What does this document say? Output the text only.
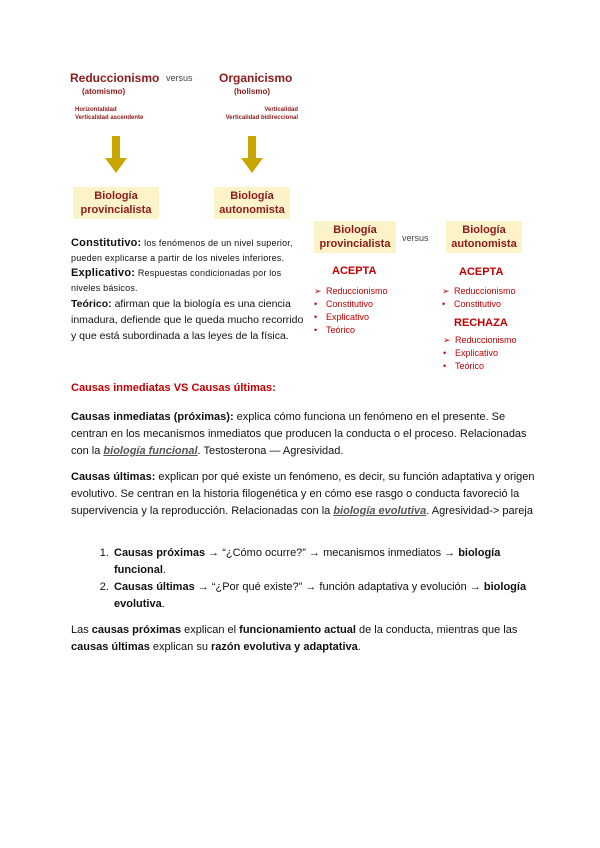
Reduccionismo
(atomismo)
versus Organicismo
(holismo)
Horizontalidad
Verticalidad ascendente
Verticalidad
Verticalidad bidireccional
Biología
provincialista
Biología
autonomista
Biología
provincialista	versus
Biología
autonomista
ACEPTA
➢ Reduccionismo
• Constitutivo
• Explicativo
• Teórico
ACEPTA
➢ Reduccionismo
• Constitutivo
RECHAZA
➢ Reduccionismo
• Explicativo
• Teórico
Constitutivo: los fenómenos de un nivel superior, pueden explicarse a partir de los niveles inferiores.
Explicativo: Respuestas condicionadas por los niveles básicos.
Teórico: afirman que la biología es una ciencia inmadura, defiende que le queda mucho recorrido y que está subordinada a las leyes de la física.
Causas inmediatas VS Causas últimas:
Causas inmediatas (próximas): explica cómo funciona un fenómeno en el presente. Se centran en los mecanismos inmediatos que producen la conducta o el proceso. Relacionadas con la biología funcional. Testosterona — Agresividad.
Causas últimas: explican por qué existe un fenómeno, es decir, su función adaptativa y origen evolutivo. Se centran en la historia filogenética y en cómo ese rasgo o conducta favoreció la supervivencia y la reproducción. Relacionadas con la biología evolutiva. Agresividad-> pareja
1. Causas próximas → “¿Cómo ocurre?” → mecanismos inmediatos → biología funcional.
2. Causas últimas → “¿Por qué existe?” → función adaptativa y evolución → biología evolutiva.
Las causas próximas explican el funcionamiento actual de la conducta, mientras que las causas últimas explican su razón evolutiva y adaptativa.
